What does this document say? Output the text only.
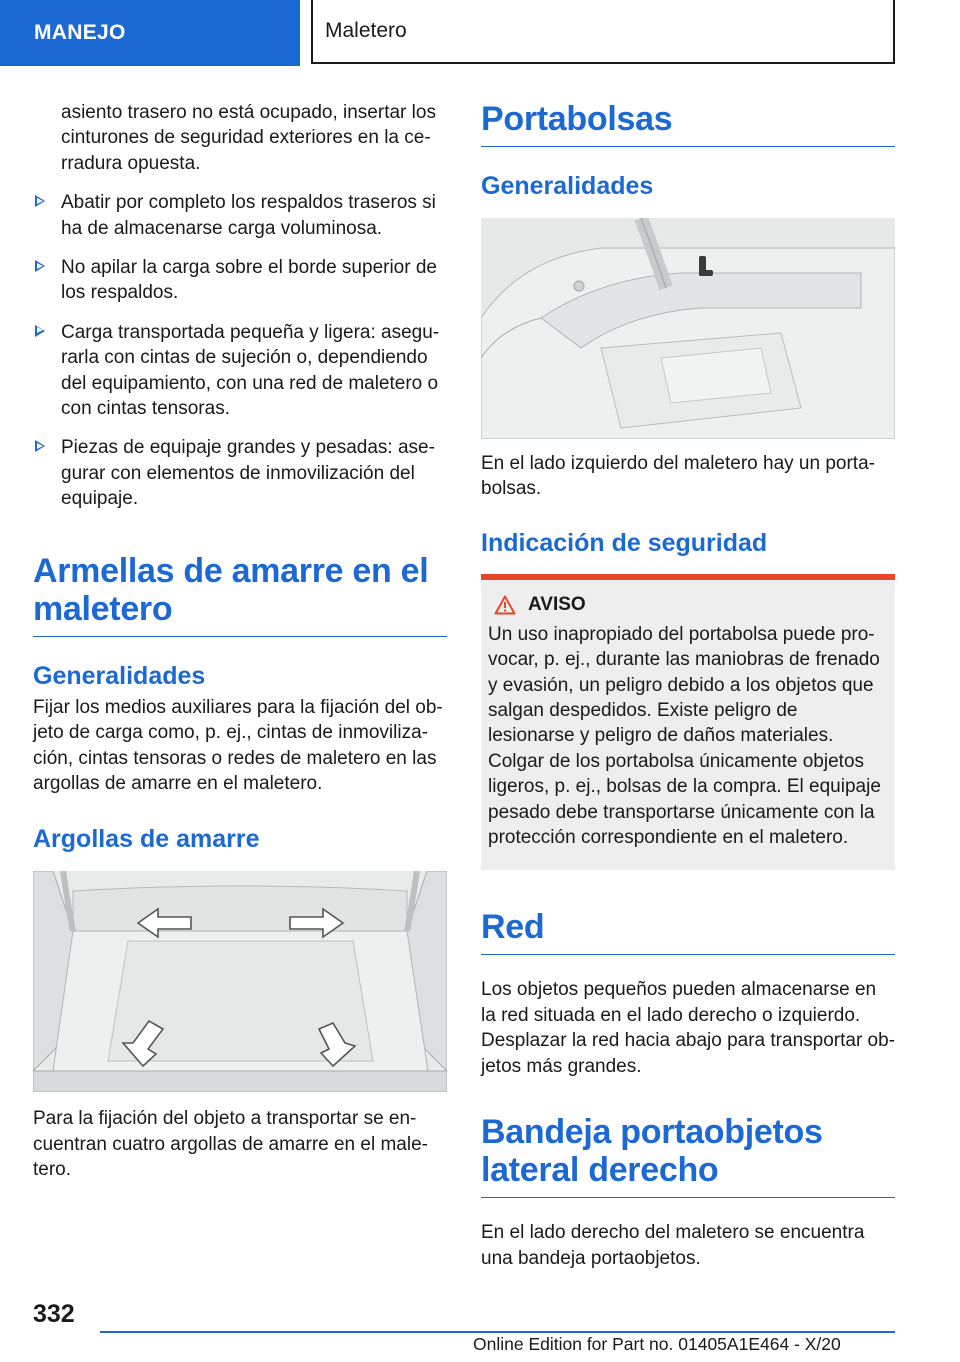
MANEJO	Maletero

asiento trasero no está ocupado, insertar los cinturones de seguridad exteriores en la ce-rradura opuesta.

Abatir por completo los respaldos traseros si ha de almacenarse carga voluminosa.
No apilar la carga sobre el borde superior de los respaldos.
Carga transportada pequeña y ligera: asegu-rarla con cintas de sujeción o, dependiendo del equipamiento, con una red de maletero o con cintas tensoras.
Piezas de equipaje grandes y pesadas: ase-gurar con elementos de inmovilización del equipaje.
Armellas de amarre en el maletero
Generalidades

Fijar los medios auxiliares para la fijación del ob-jeto de carga como, p. ej., cintas de inmoviliza-ción, cintas tensoras o redes de maletero en las argollas de amarre en el maletero.

Argollas de amarre

Para la fijación del objeto a transportar se en-cuentran cuatro argollas de amarre en el male-tero.

Portabolsas
Generalidades

En el lado izquierdo del maletero hay un porta-bolsas.

Indicación de seguridad
AVISO

Un uso inapropiado del portabolsa puede pro-vocar, p. ej., durante las maniobras de frenado y evasión, un peligro debido a los objetos que salgan despedidos. Existe peligro de lesionarse y peligro de daños materiales. Colgar de los portabolsa únicamente objetos ligeros, p. ej., bolsas de la compra. El equipaje pesado debe transportarse únicamente con la protección correspondiente en el maletero.

Red

Los objetos pequeños pueden almacenarse en la red situada en el lado derecho o izquierdo. Desplazar la red hacia abajo para transportar ob-jetos más grandes.

Bandeja portaobjetos lateral derecho

En el lado derecho del maletero se encuentra una bandeja portaobjetos.

332
Online Edition for Part no. 01405A1E464 - X/20
